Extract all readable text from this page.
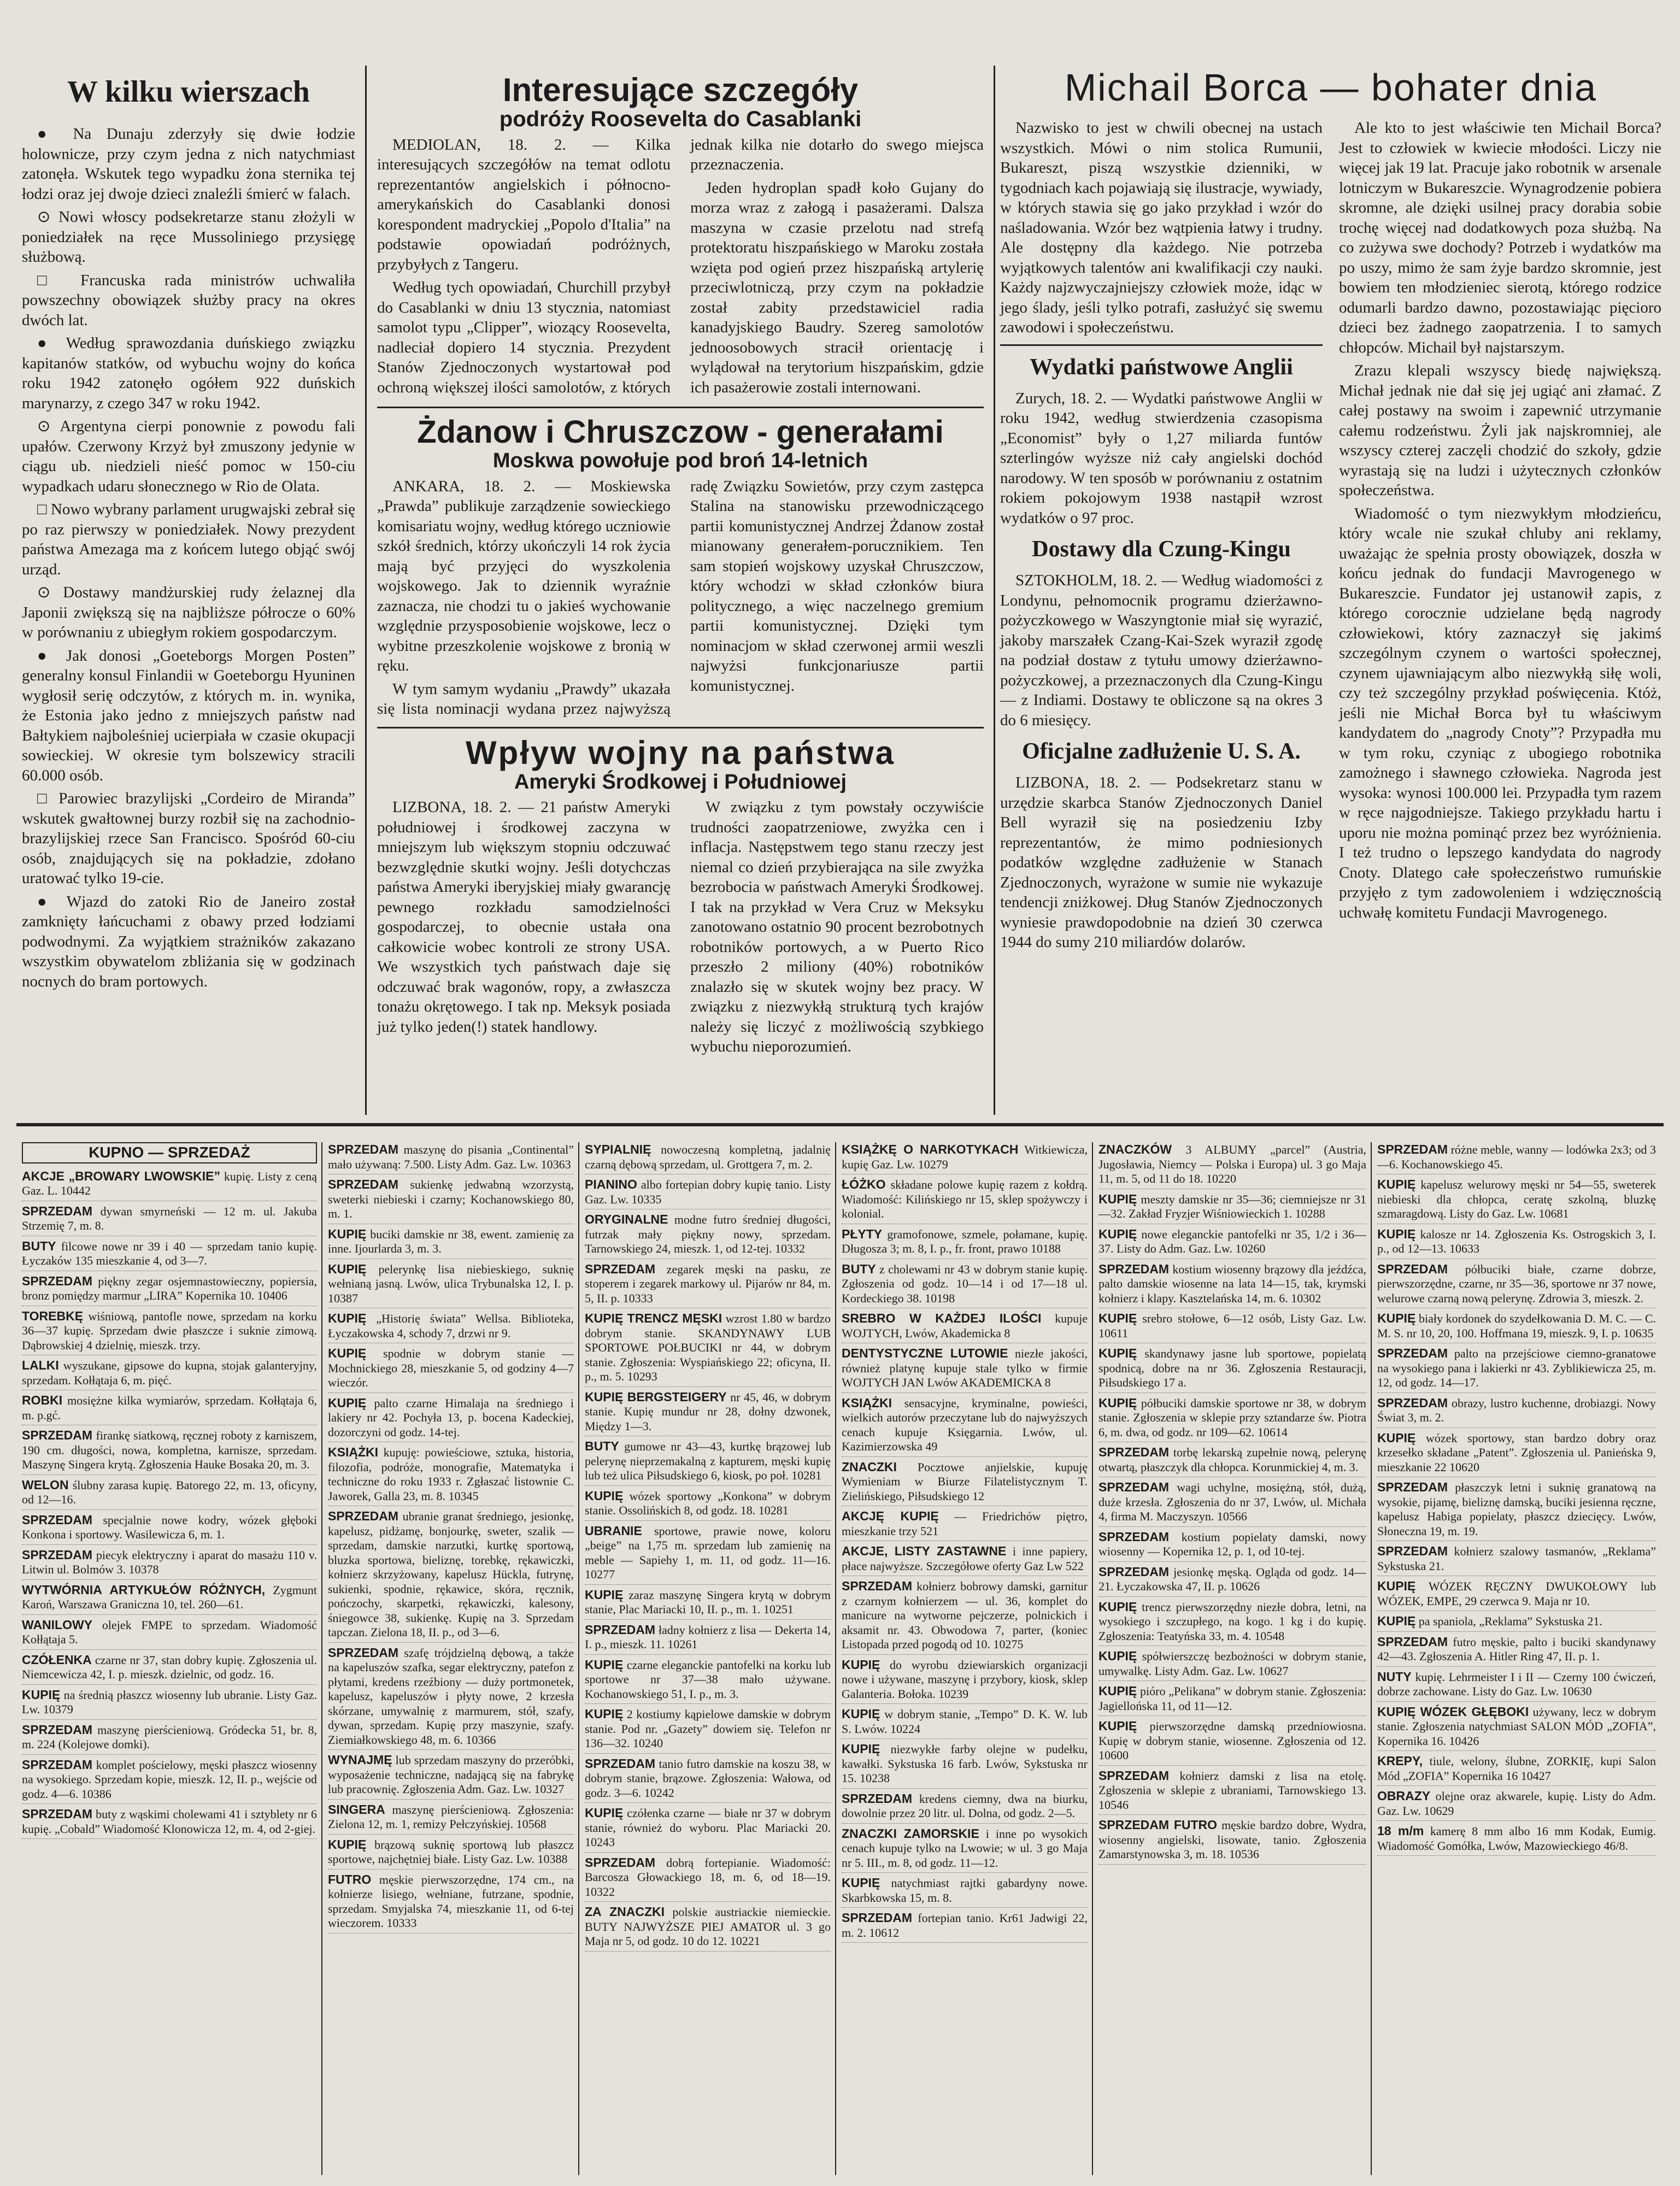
W kilku wierszach

● Na Dunaju zderzyły się dwie łodzie holownicze, przy czym jedna z nich natychmiast zatonęła. Wskutek tego wypadku żona sternika tej łodzi oraz jej dwoje dzieci znaleźli śmierć w falach.

⊙ Nowi włoscy podsekretarze stanu złożyli w poniedziałek na ręce Mussoliniego przysięgę służbową.

□ Francuska rada ministrów uchwaliła powszechny obowiązek służby pracy na okres dwóch lat.

● Według sprawozdania duńskiego związku kapitanów statków, od wybuchu wojny do końca roku 1942 zatonęło ogółem 922 duńskich marynarzy, z czego 347 w roku 1942.

⊙ Argentyna cierpi ponownie z powodu fali upałów. Czerwony Krzyż był zmuszony jedynie w ciągu ub. niedzieli nieść pomoc w 150-ciu wypadkach udaru słonecznego w Rio de Olata.

□ Nowo wybrany parlament urugwajski zebrał się po raz pierwszy w poniedziałek. Nowy prezydent państwa Amezaga ma z końcem lutego objąć swój urząd.

⊙ Dostawy mandżurskiej rudy żelaznej dla Japonii zwiększą się na najbliższe półrocze o 60% w porównaniu z ubiegłym rokiem gospodarczym.

● Jak donosi „Goeteborgs Morgen Posten” generalny konsul Finlandii w Goeteborgu Hyuninen wygłosił serię odczytów, z których m. in. wynika, że Estonia jako jedno z mniejszych państw nad Bałtykiem najboleśniej ucierpiała w czasie okupacji sowieckiej. W okresie tym bolszewicy stracili 60.000 osób.

□ Parowiec brazylijski „Cordeiro de Miranda” wskutek gwałtownej burzy rozbił się na zachodnio-brazylijskiej rzece San Francisco. Spośród 60-ciu osób, znajdujących się na pokładzie, zdołano uratować tylko 19-cie.

● Wjazd do zatoki Rio de Janeiro został zamknięty łańcuchami z obawy przed łodziami podwodnymi. Za wyjątkiem strażników zakazano wszystkim obywatelom zbliżania się w godzinach nocnych do bram portowych.

Interesujące szczegóły
podróży Roosevelta do Casablanki

MEDIOLAN, 18. 2. — Kilka interesujących szczegółów na temat odlotu reprezentantów angielskich i północno-amerykańskich do Casablanki donosi korespondent madryckiej „Popolo d'Italia” na podstawie opowiadań podróżnych, przybyłych z Tangeru.

Według tych opowiadań, Churchill przybył do Casablanki w dniu 13 stycznia, natomiast samolot typu „Clipper”, wiozący Roosevelta, nadleciał dopiero 14 stycznia. Prezydent Stanów Zjednoczonych wystartował pod ochroną większej ilości samolotów, z których jednak kilka nie dotarło do swego miejsca przeznaczenia.

Jeden hydroplan spadł koło Gujany do morza wraz z załogą i pasażerami. Dalsza maszyna w czasie przelotu nad strefą protektoratu hiszpańskiego w Maroku została wzięta pod ogień przez hiszpańską artylerię przeciwlotniczą, przy czym na pokładzie został zabity przedstawiciel radia kanadyjskiego Baudry. Szereg samolotów jednoosobowych stracił orientację i wylądował na terytorium hiszpańskim, gdzie ich pasażerowie zostali internowani.

Żdanow i Chruszczow - generałami
Moskwa powołuje pod broń 14-letnich

ANKARA, 18. 2. — Moskiewska „Prawda” publikuje zarządzenie sowieckiego komisariatu wojny, według którego uczniowie szkół średnich, którzy ukończyli 14 rok życia mają być przyjęci do wyszkolenia wojskowego. Jak to dziennik wyraźnie zaznacza, nie chodzi tu o jakieś wychowanie względnie przysposobienie wojskowe, lecz o wybitne przeszkolenie wojskowe z bronią w ręku.

W tym samym wydaniu „Prawdy” ukazała się lista nominacji wydana przez najwyższą radę Związku Sowietów, przy czym zastępca Stalina na stanowisku przewodniczącego partii komunistycznej Andrzej Żdanow został mianowany generałem-porucznikiem. Ten sam stopień wojskowy uzyskał Chruszczow, który wchodzi w skład członków biura politycznego, a więc naczelnego gremium partii komunistycznej. Dzięki tym nominacjom w skład czerwonej armii weszli najwyżsi funkcjonariusze partii komunistycznej.

Wpływ wojny na państwa
Ameryki Środkowej i Południowej

LIZBONA, 18. 2. — 21 państw Ameryki południowej i środkowej zaczyna w mniejszym lub większym stopniu odczuwać bezwzględnie skutki wojny. Jeśli dotychczas państwa Ameryki iberyjskiej miały gwarancję pewnego rozkładu samodzielności gospodarczej, to obecnie ustała ona całkowicie wobec kontroli ze strony USA. We wszystkich tych państwach daje się odczuwać brak wagonów, ropy, a zwłaszcza tonażu okrętowego. I tak np. Meksyk posiada już tylko jeden(!) statek handlowy.

W związku z tym powstały oczywiście trudności zaopatrzeniowe, zwyżka cen i inflacja. Następstwem tego stanu rzeczy jest niemal co dzień przybierająca na sile zwyżka bezrobocia w państwach Ameryki Środkowej. I tak na przykład w Vera Cruz w Meksyku zanotowano ostatnio 90 procent bezrobotnych robotników portowych, a w Puerto Rico przeszło 2 miliony (40%) robotników znalazło się w skutek wojny bez pracy. W związku z niezwykłą strukturą tych krajów należy się liczyć z możliwością szybkiego wybuchu nieporozumień.

Michail Borca — bohater dnia

Nazwisko to jest w chwili obecnej na ustach wszystkich. Mówi o nim stolica Rumunii, Bukareszt, piszą wszystkie dzienniki, w tygodniach kach pojawiają się ilustracje, wywiady, w których stawia się go jako przykład i wzór do naśladowania. Wzór bez wątpienia łatwy i trudny. Ale dostępny dla każdego. Nie potrzeba wyjątkowych talentów ani kwalifikacji czy nauki. Każdy najzwyczajniejszy człowiek może, idąc w jego ślady, jeśli tylko potrafi, zasłużyć się swemu zawodowi i społeczeństwu.

Wydatki państwowe Anglii

Zurych, 18. 2. — Wydatki państwowe Anglii w roku 1942, według stwierdzenia czasopisma „Economist” były o 1,27 miliarda funtów szterlingów wyższe niż cały angielski dochód narodowy. W ten sposób w porównaniu z ostatnim rokiem pokojowym 1938 nastąpił wzrost wydatków o 97 proc.

Dostawy dla Czung-Kingu

SZTOKHOLM, 18. 2. — Według wiadomości z Londynu, pełnomocnik programu dzierżawno-pożyczkowego w Waszyngtonie miał się wyrazić, jakoby marszałek Czang-Kai-Szek wyraził zgodę na podział dostaw z tytułu umowy dzierżawno-pożyczkowej, a przeznaczonych dla Czung-Kingu — z Indiami. Dostawy te obliczone są na okres 3 do 6 miesięcy.

Oficjalne zadłużenie U. S. A.

LIZBONA, 18. 2. — Podsekretarz stanu w urzędzie skarbca Stanów Zjednoczonych Daniel Bell wyraził się na posiedzeniu Izby reprezentantów, że mimo podniesionych podatków względne zadłużenie w Stanach Zjednoczonych, wyrażone w sumie nie wykazuje tendencji zniżkowej. Dług Stanów Zjednoczonych wyniesie prawdopodobnie na dzień 30 czerwca 1944 do sumy 210 miliardów dolarów.

Ale kto to jest właściwie ten Michail Borca? Jest to człowiek w kwiecie młodości. Liczy nie więcej jak 19 lat. Pracuje jako robotnik w arsenale lotniczym w Bukareszcie. Wynagrodzenie pobiera skromne, ale dzięki usilnej pracy dorabia sobie trochę więcej nad dodatkowych poza służbą. Na co zużywa swe dochody? Potrzeb i wydatków ma po uszy, mimo że sam żyje bardzo skromnie, jest bowiem ten młodzieniec sierotą, którego rodzice odumarli bardzo dawno, pozostawiając pięcioro dzieci bez żadnego zaopatrzenia. I to samych chłopców. Michail był najstarszym.

Zrazu klepali wszyscy biedę największą. Michał jednak nie dał się jej ugiąć ani złamać. Z całej postawy na swoim i zapewnić utrzymanie całemu rodzeństwu. Żyli jak najskromniej, ale wszyscy czterej zaczęli chodzić do szkoły, gdzie wyrastają się na ludzi i użytecznych członków społeczeństwa.

Wiadomość o tym niezwykłym młodzieńcu, który wcale nie szukał chluby ani reklamy, uważając że spełnia prosty obowiązek, doszła w końcu jednak do fundacji Mavrogenego w Bukareszcie. Fundator jej ustanowił zapis, z którego corocznie udzielane będą nagrody człowiekowi, który zaznaczył się jakimś szczególnym czynem o wartości społecznej, czynem ujawniającym albo niezwykłą siłę woli, czy też szczególny przykład poświęcenia. Któż, jeśli nie Michał Borca był tu właściwym kandydatem do „nagrody Cnoty”? Przypadła mu w tym roku, czyniąc z ubogiego robotnika zamożnego i sławnego człowieka. Nagroda jest wysoka: wynosi 100.000 lei. Przypadła tym razem w ręce najgodniejsze. Takiego przykładu hartu i uporu nie można pominąć przez bez wyróżnienia. I też trudno o lepszego kandydata do nagrody Cnoty. Dlatego całe społeczeństwo rumuńskie przyjęło z tym zadowoleniem i wdzięcznością uchwałę komitetu Fundacji Mavrogenego.

KUPNO — SPRZEDAŻ
AKCJE „BROWARY LWOWSKIE” kupię. Listy z ceną Gaz. L. 10442
SPRZEDAM dywan smyrneński — 12 m. ul. Jakuba Strzemię 7, m. 8.
BUTY filcowe nowe nr 39 i 40 — sprzedam tanio kupię. Łyczaków 135 mieszkanie 4, od 3—7.
SPRZEDAM piękny zegar osjemnastowieczny, popiersia, bronz pomiędzy marmur „LIRA” Kopernika 10. 10406
TOREBKĘ wiśniową, pantofle nowe, sprzedam na korku 36—37 kupię. Sprzedam dwie płaszcze i suknie zimową. Dąbrowskiej 4 dzielnię, mieszk. trzy.
LALKI wyszukane, gipsowe do kupna, stojak galanteryjny, sprzedam. Kołłątaja 6, m. pięć.
ROBKI mosiężne kilka wymiarów, sprzedam. Kołłątaja 6, m. p.gć.
SPRZEDAM firankę siatkową, ręcznej roboty z karniszem, 190 cm. długości, nowa, kompletna, karnisze, sprzedam. Maszynę Singera krytą. Zgłoszenia Hauke Bosaka 20, m. 3.
WELON ślubny zarasa kupię. Batorego 22, m. 13, oficyny, od 12—16.
SPRZEDAM specjalnie nowe kodry, wózek głęboki Konkona i sportowy. Wasilewicza 6, m. 1.
SPRZEDAM piecyk elektryczny i aparat do masażu 110 v. Litwin ul. Bolmów 3. 10378
WYTWÓRNIA ARTYKUŁÓW RÓŻNYCH, Zygmunt Karoń, Warszawa Graniczna 10, tel. 260—61.
WANILOWY olejek FMPE to sprzedam. Wiadomość Kołłątaja 5.
CZÓŁENKA czarne nr 37, stan dobry kupię. Zgłoszenia ul. Niemcewicza 42, I. p. mieszk. dzielnic, od godz. 16.
KUPIĘ na średnią płaszcz wiosenny lub ubranie. Listy Gaz. Lw. 10379
SPRZEDAM maszynę pierścieniową. Gródecka 51, br. 8, m. 224 (Kolejowe domki).
SPRZEDAM komplet pościelowy, męski płaszcz wiosenny na wysokiego. Sprzedam kopie, mieszk. 12, II. p., wejście od godz. 4—6. 10386
SPRZEDAM buty z wąskimi cholewami 41 i sztyblety nr 6 kupię. „Cobald” Wiadomość Klonowicza 12, m. 4, od 2-giej.
SPRZEDAM maszynę do pisania „Continental” mało używaną: 7.500. Listy Adm. Gaz. Lw. 10363
SPRZEDAM sukienkę jedwabną wzorzystą, sweterki niebieski i czarny; Kochanowskiego 80, m. 1.
KUPIĘ buciki damskie nr 38, ewent. zamienię za inne. Ijourlarda 3, m. 3.
KUPIĘ pelerynkę lisa niebieskiego, suknię wełnianą jasną. Lwów, ulica Trybunalska 12, I. p. 10387
KUPIĘ „Historię świata” Wellsa. Biblioteka, Łyczakowska 4, schody 7, drzwi nr 9.
KUPIĘ spodnie w dobrym stanie — Mochnickiego 28, mieszkanie 5, od godziny 4—7 wieczór.
KUPIĘ palto czarne Himalaja na średniego i lakiery nr 42. Pochyła 13, p. bocena Kadeckiej, dozorczyni od godz. 14-tej.
KSIĄŻKI kupuję: powieściowe, sztuka, historia, filozofia, podróże, monografie, Matematyka i techniczne do roku 1933 r. Zgłaszać listownie C. Jaworek, Galla 23, m. 8. 10345
SPRZEDAM ubranie granat średniego, jesionkę, kapelusz, pidżamę, bonjourkę, sweter, szalik — sprzedam, damskie narzutki, kurtkę sportową, bluzka sportowa, bieliznę, torebkę, rękawiczki, kołnierz skrzyżowany, kapelusz Hückla, futrynę, sukienki, spodnie, rękawice, skóra, ręcznik, pończochy, skarpetki, rękawiczki, kalesony, śniegowce 38, sukienkę. Kupię na 3. Sprzedam tapczan. Zielona 18, II. p., od 3—6.
SPRZEDAM szafę trójdzielną dębową, a także na kapeluszów szafka, segar elektryczny, patefon z płytami, kredens rzeźbiony — duży portmonetek, kapelusz, kapeluszów i płyty nowe, 2 krzesła skórzane, umywalnię z marmurem, stół, szafy, dywan, sprzedam. Kupię przy maszynie, szafy. Ziemiałkowskiego 48, m. 6. 10366
WYNAJMĘ lub sprzedam maszyny do przeróbki, wyposażenie techniczne, nadającą się na fabrykę lub pracownię. Zgłoszenia Adm. Gaz. Lw. 10327
SINGERA maszynę pierścieniową. Zgłoszenia: Zielona 12, m. 1, remizy Pełczyńskiej. 10568
KUPIĘ brązową suknię sportową lub płaszcz sportowe, najchętniej białe. Listy Gaz. Lw. 10388
FUTRO męskie pierwszorzędne, 174 cm., na kołnierze lisiego, wełniane, futrzane, spodnie, sprzedam. Smyjalska 74, mieszkanie 11, od 6-tej wieczorem. 10333
SYPIALNIĘ nowoczesną kompletną, jadalnię czarną dębową sprzedam, ul. Grottgera 7, m. 2.
PIANINO albo fortepian dobry kupię tanio. Listy Gaz. Lw. 10335
ORYGINALNE modne futro średniej długości, futrzak mały piękny nowy, sprzedam. Tarnowskiego 24, mieszk. 1, od 12-tej. 10332
SPRZEDAM zegarek męski na pasku, ze stoperem i zegarek markowy ul. Pijarów nr 84, m. 5, II. p. 10333
KUPIĘ TRENCZ MĘSKI wzrost 1.80 w bardzo dobrym stanie. SKANDYNAWY LUB SPORTOWE POŁBUCIKI nr 44, w dobrym stanie. Zgłoszenia: Wyspiańskiego 22; oficyna, II. p., m. 5. 10293
KUPIĘ BERGSTEIGERY nr 45, 46, w dobrym stanie. Kupię mundur nr 28, dołny dzwonek, Między 1—3.
BUTY gumowe nr 43—43, kurtkę brązowej lub pelerynę nieprzemakalną z kapturem, męski kupię lub też ulica Piłsudskiego 6, kiosk, po poł. 10281
KUPIĘ wózek sportowy „Konkona” w dobrym stanie. Ossolińskich 8, od godz. 18. 10281
UBRANIE sportowe, prawie nowe, koloru „beige” na 1,75 m. sprzedam lub zamienię na meble — Sapiehy 1, m. 11, od godz. 11—16. 10277
KUPIĘ zaraz maszynę Singera krytą w dobrym stanie, Plac Mariacki 10, II. p., m. 1. 10251
SPRZEDAM ładny kołnierz z lisa — Dekerta 14, I. p., mieszk. 11. 10261
KUPIĘ czarne eleganckie pantofelki na korku lub sportowe nr 37—38 mało używane. Kochanowskiego 51, I. p., m. 3.
KUPIĘ 2 kostiumy kąpielowe damskie w dobrym stanie. Pod nr. „Gazety” dowiem się. Telefon nr 136—32. 10240
SPRZEDAM tanio futro damskie na koszu 38, w dobrym stanie, brązowe. Zgłoszenia: Wałowa, od godz. 3—6. 10242
KUPIĘ czółenka czarne — białe nr 37 w dobrym stanie, również do wyboru. Plac Mariacki 20. 10243
SPRZEDAM dobrą fortepianie. Wiadomość: Barcosza Głowackiego 18, m. 6, od 18—19. 10322
ZA ZNACZKI polskie austriackie niemieckie. BUTY NAJWYŻSZE PIEJ AMATOR ul. 3 go Maja nr 5, od godz. 10 do 12. 10221
KSIĄŻKĘ O NARKOTYKACH Witkiewicza, kupię Gaz. Lw. 10279
ŁÓŻKO składane polowe kupię razem z kołdrą. Wiadomość: Kilińskiego nr 15, sklep spożywczy i kolonial.
PŁYTY gramofonowe, szmele, połamane, kupię. Długosza 3; m. 8, I. p., fr. front, prawo 10188
BUTY z cholewami nr 43 w dobrym stanie kupię. Zgłoszenia od godz. 10—14 i od 17—18 ul. Kordeckiego 38. 10198
SREBRO W KAŻDEJ ILOŚCI kupuje WOJTYCH, Lwów, Akademicka 8
DENTYSTYCZNE LUTOWIE niezłe jakości, również platynę kupuje stale tylko w firmie WOJTYCH JAN Lwów AKADEMICKA 8
KSIĄŻKI sensacyjne, kryminalne, powieści, wielkich autorów przeczytane lub do najwyższych cenach kupuje Księgarnia. Lwów, ul. Kazimierzowska 49
ZNACZKI Pocztowe anjielskie, kupuję Wymieniam w Biurze Filatelistycznym T. Zielińskiego, Piłsudskiego 12
AKCJĘ KUPIĘ — Friedrichów piętro, mieszkanie trzy 521
AKCJE, LISTY ZASTAWNE i inne papiery, płace najwyższe. Szczegółowe oferty Gaz Lw 522
SPRZEDAM kołnierz bobrowy damski, garnitur z czarnym kołnierzem — ul. 36, komplet do manicure na wytworne pejczerze, polnickich i aksamit nr. 43. Obwodowa 7, parter, (koniec Listopada przed pogodą od 10. 10275
KUPIĘ do wyrobu dziewiarskich organizacji nowe i używane, maszynę i przybory, kiosk, sklep Galanteria. Bołoka. 10239
KUPIĘ w dobrym stanie, „Tempo” D. K. W. lub S. Lwów. 10224
KUPIĘ niezwykłe farby olejne w pudełku, kawałki. Sykstuska 16 farb. Lwów, Sykstuska nr 15. 10238
SPRZEDAM kredens ciemny, dwa na biurku, dowolnie przez 20 litr. ul. Dolna, od godz. 2—5.
ZNACZKI ZAMORSKIE i inne po wysokich cenach kupuje tylko na Lwowie; w ul. 3 go Maja nr 5. III., m. 8, od godz. 11—12.
KUPIĘ natychmiast rajtki gabardyny nowe. Skarbkowska 15, m. 8.
SPRZEDAM fortepian tanio. Kr61 Jadwigi 22, m. 2. 10612
ZNACZKÓW 3 ALBUMY „parcel” (Austria, Jugosławia, Niemcy — Polska i Europa) ul. 3 go Maja 11, m. 5, od 11 do 18. 10220
KUPIĘ meszty damskie nr 35—36; ciemniejsze nr 31—32. Zakład Fryzjer Wiśniowieckich 1. 10288
KUPIĘ nowe eleganckie pantofelki nr 35, 1/2 i 36—37. Listy do Adm. Gaz. Lw. 10260
SPRZEDAM kostium wiosenny brązowy dla jeźdźca, palto damskie wiosenne na lata 14—15, tak, krymski kołnierz i klapy. Kasztelańska 14, m. 6. 10302
KUPIĘ srebro stołowe, 6—12 osób, Listy Gaz. Lw. 10611
KUPIĘ skandynawy jasne lub sportowe, popielatą spodnicą, dobre na nr 36. Zgłoszenia Restauracji, Piłsudskiego 17 a.
KUPIĘ półbuciki damskie sportowe nr 38, w dobrym stanie. Zgłoszenia w sklepie przy sztandarze św. Piotra 6, m. dwa, od godz. nr 109—62. 10614
SPRZEDAM torbę lekarską zupełnie nową, pelerynę otwartą, płaszczyk dla chłopca. Korunmickiej 4, m. 3.
SPRZEDAM wagi uchylne, mosiężną, stół, dużą, duże krzesła. Zgłoszenia do nr 37, Lwów, ul. Michała 4, firma M. Maczyszyn. 10566
SPRZEDAM kostium popielaty damski, nowy wiosenny — Kopernika 12, p. 1, od 10-tej.
SPRZEDAM jesionkę męską. Ogląda od godz. 14—21. Łyczakowska 47, II. p. 10626
KUPIĘ trencz pierwszorzędny niezłe dobra, letni, na wysokiego i szczupłego, na kogo. 1 kg i do kupię. Zgłoszenia: Teatyńska 33, m. 4. 10548
KUPIĘ spółwierszczę bezbożności w dobrym stanie, umywalkę. Listy Adm. Gaz. Lw. 10627
KUPIĘ pióro „Pelikana” w dobrym stanie. Zgłoszenia: Jagiellońska 11, od 11—12.
KUPIĘ pierwszorzędne damską przedniowiosna. Kupię w dobrym stanie, wiosenne. Zgłoszenia od 12. 10600
SPRZEDAM kołnierz damski z lisa na etolę. Zgłoszenia w sklepie z ubraniami, Tarnowskiego 13. 10546
SPRZEDAM FUTRO męskie bardzo dobre, Wydra, wiosenny angielski, lisowate, tanio. Zgłoszenia Zamarstynowska 3, m. 18. 10536
SPRZEDAM różne meble, wanny — lodówka 2x3; od 3—6. Kochanowskiego 45.
KUPIĘ kapelusz welurowy męski nr 54—55, sweterek niebieski dla chłopca, ceratę szkolną, bluzkę szmaragdową. Listy do Gaz. Lw. 10681
KUPIĘ kalosze nr 14. Zgłoszenia Ks. Ostrogskich 3, I. p., od 12—13. 10633
SPRZEDAM półbuciki białe, czarne dobrze, pierwszorzędne, czarne, nr 35—36, sportowe nr 37 nowe, welurowe czarną nową pelerynę. Zdrowia 3, mieszk. 2.
KUPIĘ biały kordonek do szydełkowania D. M. C. — C. M. S. nr 10, 20, 100. Hoffmana 19, mieszk. 9, I. p. 10635
SPRZEDAM palto na przejściowe ciemno-granatowe na wysokiego pana i lakierki nr 43. Zyblikiewicza 25, m. 12, od godz. 14—17.
SPRZEDAM obrazy, lustro kuchenne, drobiazgi. Nowy Świat 3, m. 2.
KUPIĘ wózek sportowy, stan bardzo dobry oraz krzesełko składane „Patent”. Zgłoszenia ul. Panieńska 9, mieszkanie 22 10620
SPRZEDAM płaszczyk letni i suknię granatową na wysokie, pijamę, bieliznę damską, buciki jesienna ręczne, kapelusz Habiga popielaty, płaszcz dziecięcy. Lwów, Słoneczna 19, m. 19.
SPRZEDAM kołnierz szalowy tasmanów, „Reklama” Sykstuska 21.
KUPIĘ WÓZEK RĘCZNY DWUKOŁOWY lub WÓZEK, EMPE, 29 czerwca 9. Maja nr 10.
KUPIĘ pa spaniola, „Reklama” Sykstuska 21.
SPRZEDAM futro męskie, palto i buciki skandynawy 42—43. Zgłoszenia A. Hitler Ring 47, II. p. 1.
NUTY kupię. Lehrmeister I i II — Czerny 100 ćwiczeń, dobrze zachowane. Listy do Gaz. Lw. 10630
KUPIĘ WÓZEK GŁĘBOKI używany, lecz w dobrym stanie. Zgłoszenia natychmiast SALON MÓD „ZOFIA”, Kopernika 16. 10426
KREPY, tiule, welony, ślubne, ZORKIĘ, kupi Salon Mód „ZOFIA” Kopernika 16 10427
OBRAZY olejne oraz akwarele, kupię. Listy do Adm. Gaz. Lw. 10629
18 m/m kamerę 8 mm albo 16 mm Kodak, Eumig. Wiadomość Gomółka, Lwów, Mazowieckiego 46/8.
